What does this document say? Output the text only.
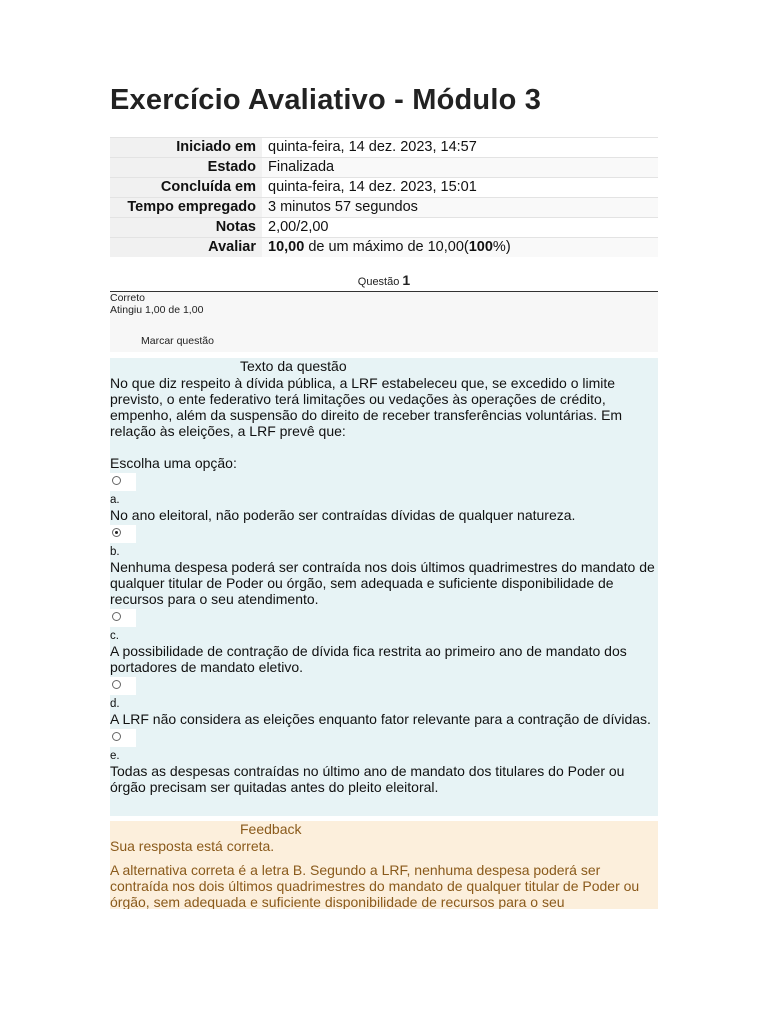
Exercício Avaliativo - Módulo 3
Iniciado em	quinta-feira, 14 dez. 2023, 14:57
Estado	Finalizada
Concluída em	quinta-feira, 14 dez. 2023, 15:01
Tempo empregado	3 minutos 57 segundos
Notas	2,00/2,00
Avaliar	10,00 de um máximo de 10,00(100%)
Questão 1
Correto
Atingiu 1,00 de 1,00
Marcar questão
Texto da questão

No que diz respeito à dívida pública, a LRF estabeleceu que, se excedido o limite previsto, o ente federativo terá limitações ou vedações às operações de crédito, empenho, além da suspensão do direito de receber transferências voluntárias. Em relação às eleições, a LRF prevê que:

Escolha uma opção:
a.
No ano eleitoral, não poderão ser contraídas dívidas de qualquer natureza.
b.
Nenhuma despesa poderá ser contraída nos dois últimos quadrimestres do mandato de qualquer titular de Poder ou órgão, sem adequada e suficiente disponibilidade de recursos para o seu atendimento.
c.
A possibilidade de contração de dívida fica restrita ao primeiro ano de mandato dos portadores de mandato eletivo.
d.
A LRF não considera as eleições enquanto fator relevante para a contração de dívidas.
e.
Todas as despesas contraídas no último ano de mandato dos titulares do Poder ou órgão precisam ser quitadas antes do pleito eleitoral.
Feedback

Sua resposta está correta.

A alternativa correta é a letra B. Segundo a LRF, nenhuma despesa poderá ser contraída nos dois últimos quadrimestres do mandato de qualquer titular de Poder ou órgão, sem adequada e suficiente disponibilidade de recursos para o seu
